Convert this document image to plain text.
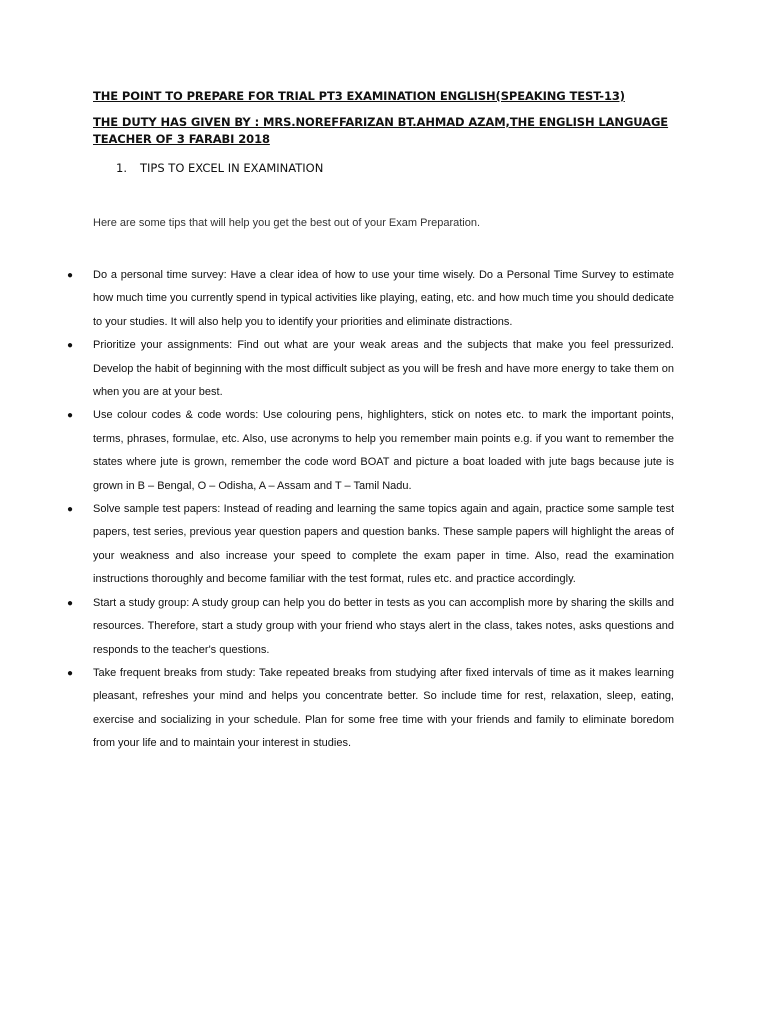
THE POINT TO PREPARE FOR TRIAL PT3 EXAMINATION ENGLISH(SPEAKING TEST-13)
THE DUTY HAS GIVEN BY : MRS.NOREFFARIZAN BT.AHMAD AZAM,THE ENGLISH LANGUAGE TEACHER OF 3 FARABI 2018
1. TIPS TO EXCEL IN EXAMINATION
Here are some tips that will help you get the best out of your Exam Preparation.
● Do a personal time survey: Have a clear idea of how to use your time wisely. Do a Personal Time Survey to estimate how much time you currently spend in typical activities like playing, eating, etc. and how much time you should dedicate to your studies. It will also help you to identify your priorities and eliminate distractions.
● Prioritize your assignments: Find out what are your weak areas and the subjects that make you feel pressurized. Develop the habit of beginning with the most difficult subject as you will be fresh and have more energy to take them on when you are at your best.
● Use colour codes & code words: Use colouring pens, highlighters, stick on notes etc. to mark the important points, terms, phrases, formulae, etc. Also, use acronyms to help you remember main points e.g. if you want to remember the states where jute is grown, remember the code word BOAT and picture a boat loaded with jute bags because jute is grown in B – Bengal, O – Odisha, A – Assam and T – Tamil Nadu.
● Solve sample test papers: Instead of reading and learning the same topics again and again, practice some sample test papers, test series, previous year question papers and question banks. These sample papers will highlight the areas of your weakness and also increase your speed to complete the exam paper in time. Also, read the examination instructions thoroughly and become familiar with the test format, rules etc. and practice accordingly.
● Start a study group: A study group can help you do better in tests as you can accomplish more by sharing the skills and resources. Therefore, start a study group with your friend who stays alert in the class, takes notes, asks questions and responds to the teacher's questions.
● Take frequent breaks from study: Take repeated breaks from studying after fixed intervals of time as it makes learning pleasant, refreshes your mind and helps you concentrate better. So include time for rest, relaxation, sleep, eating, exercise and socializing in your schedule. Plan for some free time with your friends and family to eliminate boredom from your life and to maintain your interest in studies.
